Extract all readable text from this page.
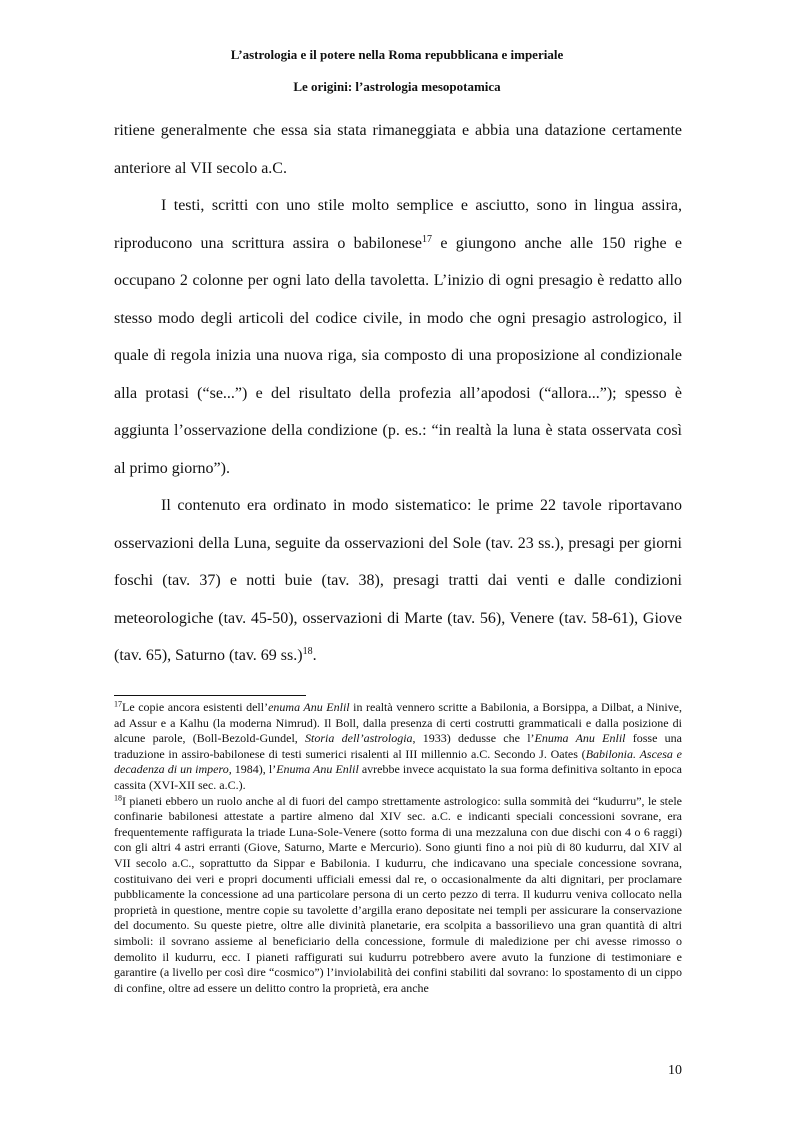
L’astrologia e il potere nella Roma repubblicana e imperiale
Le origini: l’astrologia mesopotamica

ritiene generalmente che essa sia stata rimaneggiata e abbia una datazione certamente anteriore al VII secolo a.C.

I testi, scritti con uno stile molto semplice e asciutto, sono in lingua assira, riproducono una scrittura assira o babilonese$^{17}$ e giungono anche alle 150 righe e occupano 2 colonne per ogni lato della tavoletta. L’inizio di ogni presagio è redatto allo stesso modo degli articoli del codice civile, in modo che ogni presagio astrologico, il quale di regola inizia una nuova riga, sia composto di una proposizione al condizionale alla protasi (“se...”) e del risultato della profezia all’apodosi (“allora...”); spesso è aggiunta l’osservazione della condizione (p. es.: “in realtà la luna è stata osservata così al primo giorno”).

Il contenuto era ordinato in modo sistematico: le prime 22 tavole riportavano osservazioni della Luna, seguite da osservazioni del Sole (tav. 23 ss.), presagi per giorni foschi (tav. 37) e notti buie (tav. 38), presagi tratti dai venti e dalle condizioni meteorologiche (tav. 45-50), osservazioni di Marte (tav. 56), Venere (tav. 58-61), Giove (tav. 65), Saturno (tav. 69 ss.)$^{18}$.

$^{17}$Le copie ancora esistenti dell’enuma Anu Enlil in realtà vennero scritte a Babilonia, a Borsippa, a Dilbat, a Ninive, ad Assur e a Kalhu (la moderna Nimrud). Il Boll, dalla presenza di certi costrutti grammaticali e dalla posizione di alcune parole, (Boll-Bezold-Gundel, Storia dell’astrologia, 1933) dedusse che l’Enuma Anu Enlil fosse una traduzione in assiro-babilonese di testi sumerici risalenti al III millennio a.C. Secondo J. Oates (Babilonia. Ascesa e decadenza di un impero, 1984), l’Enuma Anu Enlil avrebbe invece acquistato la sua forma definitiva soltanto in epoca cassita (XVI-XII sec. a.C.).

$^{18}$I pianeti ebbero un ruolo anche al di fuori del campo strettamente astrologico: sulla sommità dei “kudurru”, le stele confinarie babilonesi attestate a partire almeno dal XIV sec. a.C. e indicanti speciali concessioni sovrane, era frequentemente raffigurata la triade Luna-Sole-Venere (sotto forma di una mezzaluna con due dischi con 4 o 6 raggi) con gli altri 4 astri erranti (Giove, Saturno, Marte e Mercurio). Sono giunti fino a noi più di 80 kudurru, dal XIV al VII secolo a.C., soprattutto da Sippar e Babilonia. I kudurru, che indicavano una speciale concessione sovrana, costituivano dei veri e propri documenti ufficiali emessi dal re, o occasionalmente da alti dignitari, per proclamare pubblicamente la concessione ad una particolare persona di un certo pezzo di terra. Il kudurru veniva collocato nella proprietà in questione, mentre copie su tavolette d’argilla erano depositate nei templi per assicurare la conservazione del documento. Su queste pietre, oltre alle divinità planetarie, era scolpita a bassorilievo una gran quantità di altri simboli: il sovrano assieme al beneficiario della concessione, formule di maledizione per chi avesse rimosso o demolito il kudurru, ecc. I pianeti raffigurati sui kudurru potrebbero avere avuto la funzione di testimoniare e garantire (a livello per così dire “cosmico”) l’inviolabilità dei confini stabiliti dal sovrano: lo spostamento di un cippo di confine, oltre ad essere un delitto contro la proprietà, era anche

10
